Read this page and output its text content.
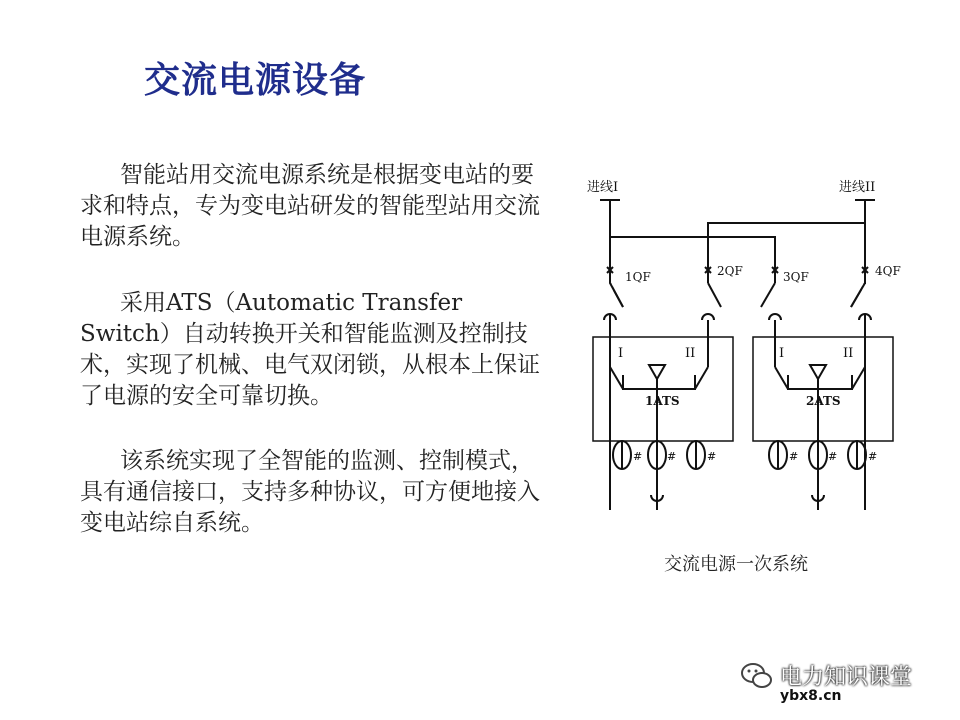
交流电源设备
智能站用交流电源系统是根据变电站的要求和特点，专为变电站研发的智能型站用交流电源系统。
采用ATS（Automatic Transfer Switch）自动转换开关和智能监测及控制技术，实现了机械、电气双闭锁，从根本上保证了电源的安全可靠切换。
该系统实现了全智能的监测、控制模式，具有通信接口，支持多种协议，可方便地接入变电站综自系统。
进线I	进线II
1QF	2QF	3QF	4QF
I	II
1ATS
I	II
2ATS
# #	#	#	#	#
交流电源一次系统
电力知识课堂
ybx8.cn
